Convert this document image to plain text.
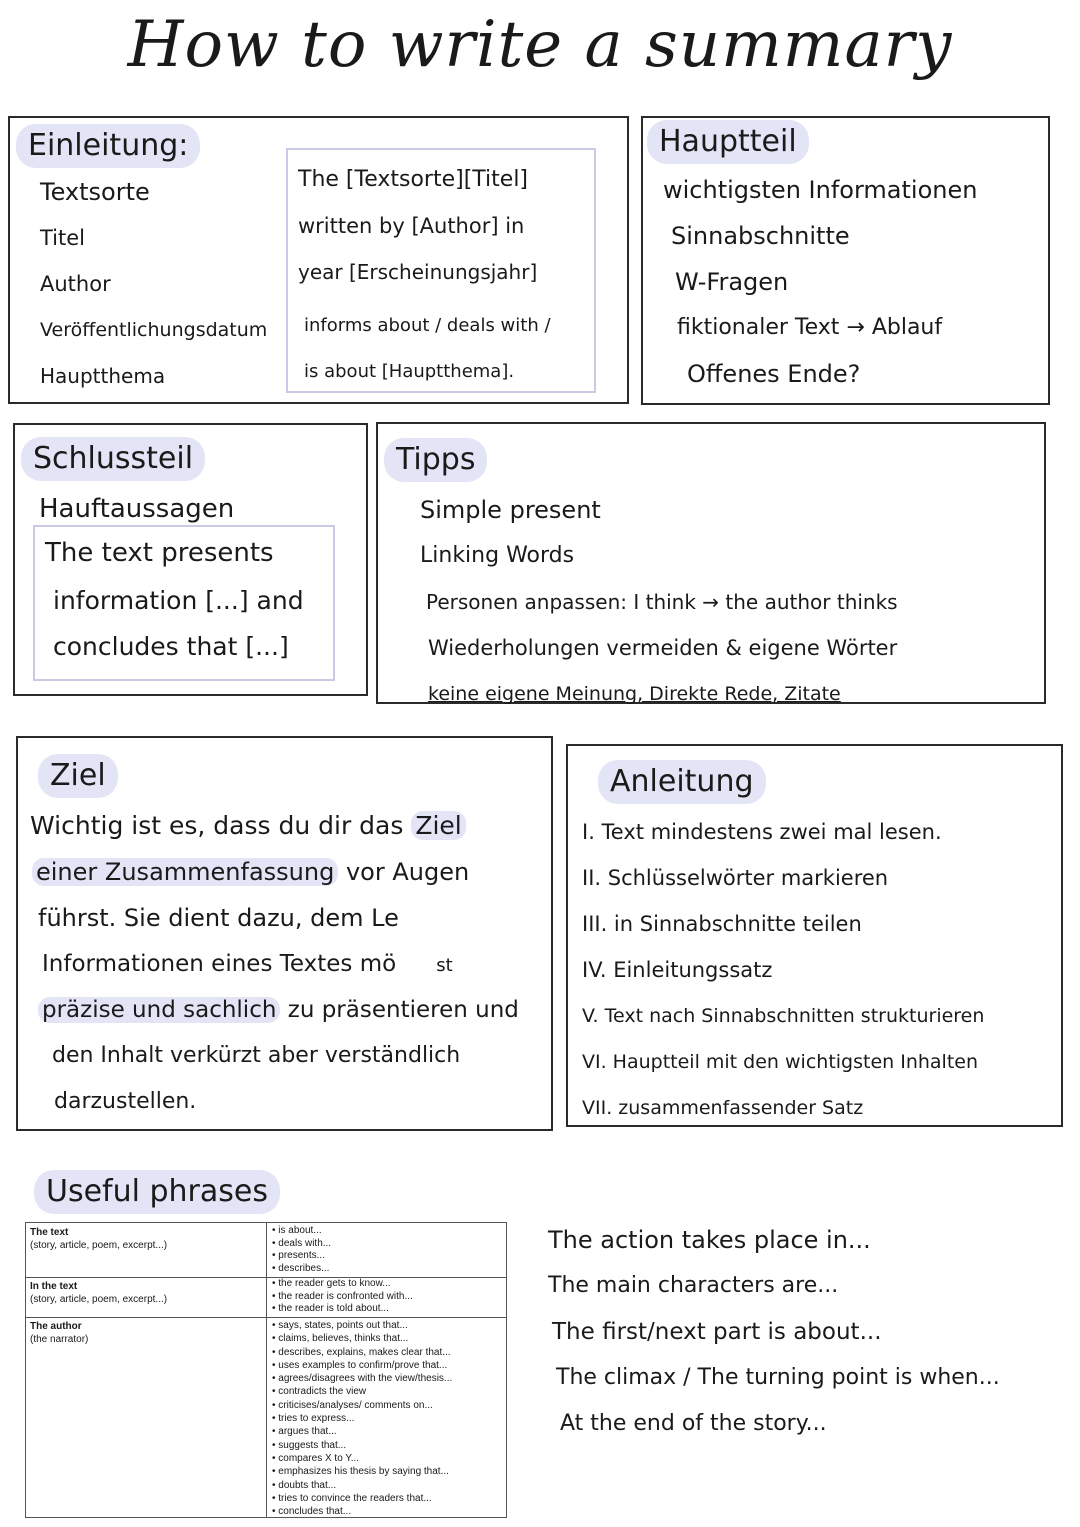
How to write a summary
Einleitung:
Textsorte
Titel
Author
Veröffentlichungsdatum
Hauptthema
The [Textsorte][Titel]
written by [Author] in
year [Erscheinungsjahr]
informs about / deals with /
is about [Hauptthema].
Hauptteil
wichtigsten Informationen
Sinnabschnitte
W-Fragen
fiktionaler Text → Ablauf
Offenes Ende?
Schlussteil
Hauftaussagen
The text presents
information [...] and
concludes that [...]
Tipps
Simple present
Linking Words
Personen anpassen: I think → the author thinks
Wiederholungen vermeiden & eigene Wörter
keine eigene Meinung, Direkte Rede, Zitate
Ziel
Wichtig ist es, dass du dir das Ziel
einer Zusammenfassung vor Augen
führst. Sie dient dazu, dem Le
Informationen eines Textes mö st
präzise und sachlich zu präsentieren und
den Inhalt verkürzt aber verständlich
darzustellen.
Anleitung
I. Text mindestens zwei mal lesen.
II. Schlüsselwörter markieren
III. in Sinnabschnitte teilen
IV. Einleitungssatz
V. Text nach Sinnabschnitten strukturieren
VI. Hauptteil mit den wichtigsten Inhalten
VII. zusammenfassender Satz
Useful phrases
The text
(story, article, poem, excerpt...)
• is about...
• deals with...
• presents...
• describes...
In the text
(story, article, poem, excerpt...)
• the reader gets to know...
• the reader is confronted with...
• the reader is told about...
The author
(the narrator)
• says, states, points out that...
• claims, believes, thinks that...
• describes, explains, makes clear that...
• uses examples to confirm/prove that...
• agrees/disagrees with the view/thesis...
• contradicts the view
• criticises/analyses/ comments on...
• tries to express...
• argues that...
• suggests that...
• compares X to Y...
• emphasizes his thesis by saying that...
• doubts that...
• tries to convince the readers that...
• concludes that...
The action takes place in...
The main characters are...
The first/next part is about...
The climax / The turning point is when...
At the end of the story...
